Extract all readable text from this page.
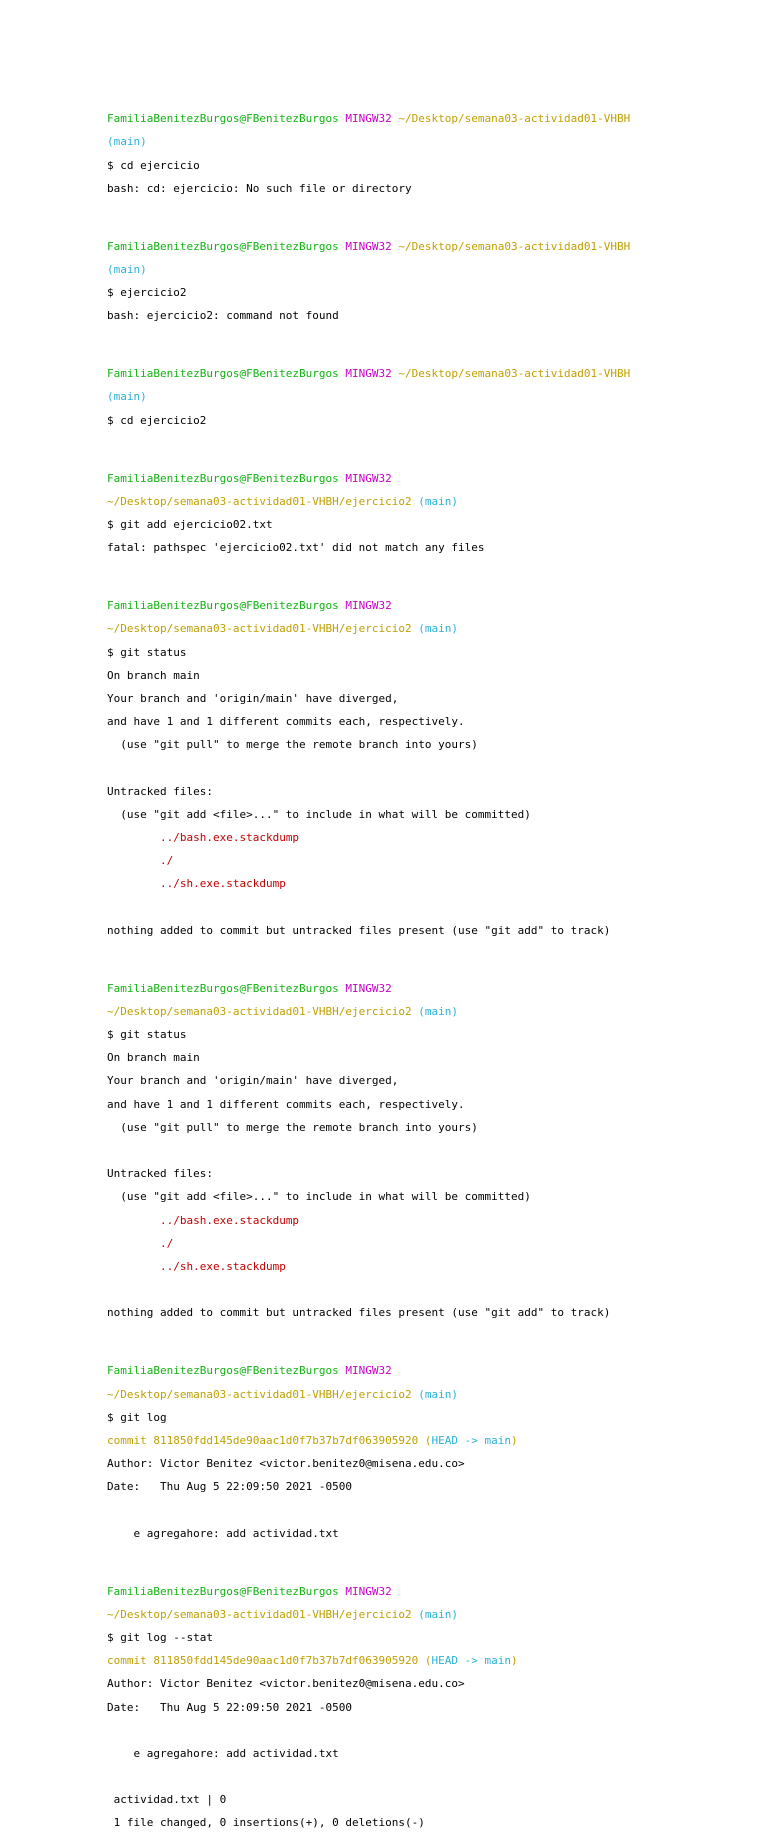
FamiliaBenitezBurgos@FBenitezBurgos MINGW32 ~/Desktop/semana03-actividad01-VHBH

(main)

$ cd ejercicio

bash: cd: ejercicio: No such file or directory

FamiliaBenitezBurgos@FBenitezBurgos MINGW32 ~/Desktop/semana03-actividad01-VHBH

(main)

$ ejercicio2

bash: ejercicio2: command not found

FamiliaBenitezBurgos@FBenitezBurgos MINGW32 ~/Desktop/semana03-actividad01-VHBH

(main)

$ cd ejercicio2

FamiliaBenitezBurgos@FBenitezBurgos MINGW32

~/Desktop/semana03-actividad01-VHBH/ejercicio2 (main)

$ git add ejercicio02.txt

fatal: pathspec 'ejercicio02.txt' did not match any files

FamiliaBenitezBurgos@FBenitezBurgos MINGW32

~/Desktop/semana03-actividad01-VHBH/ejercicio2 (main)

$ git status

On branch main

Your branch and 'origin/main' have diverged,

and have 1 and 1 different commits each, respectively.

(use "git pull" to merge the remote branch into yours)

Untracked files:

(use "git add <file>..." to include in what will be committed)

../bash.exe.stackdump

./

../sh.exe.stackdump

nothing added to commit but untracked files present (use "git add" to track)

FamiliaBenitezBurgos@FBenitezBurgos MINGW32

~/Desktop/semana03-actividad01-VHBH/ejercicio2 (main)

$ git status

On branch main

Your branch and 'origin/main' have diverged,

and have 1 and 1 different commits each, respectively.

(use "git pull" to merge the remote branch into yours)

Untracked files:

(use "git add <file>..." to include in what will be committed)

../bash.exe.stackdump

./

../sh.exe.stackdump

nothing added to commit but untracked files present (use "git add" to track)

FamiliaBenitezBurgos@FBenitezBurgos MINGW32

~/Desktop/semana03-actividad01-VHBH/ejercicio2 (main)

$ git log

commit 811850fdd145de90aac1d0f7b37b7df063905920 (HEAD -> main)

Author: Victor Benitez <victor.benitez0@misena.edu.co>

Date:   Thu Aug 5 22:09:50 2021 -0500

e agregahore: add actividad.txt

FamiliaBenitezBurgos@FBenitezBurgos MINGW32

~/Desktop/semana03-actividad01-VHBH/ejercicio2 (main)

$ git log --stat

commit 811850fdd145de90aac1d0f7b37b7df063905920 (HEAD -> main)

Author: Victor Benitez <victor.benitez0@misena.edu.co>

Date:   Thu Aug 5 22:09:50 2021 -0500

e agregahore: add actividad.txt

actividad.txt | 0

1 file changed, 0 insertions(+), 0 deletions(-)
